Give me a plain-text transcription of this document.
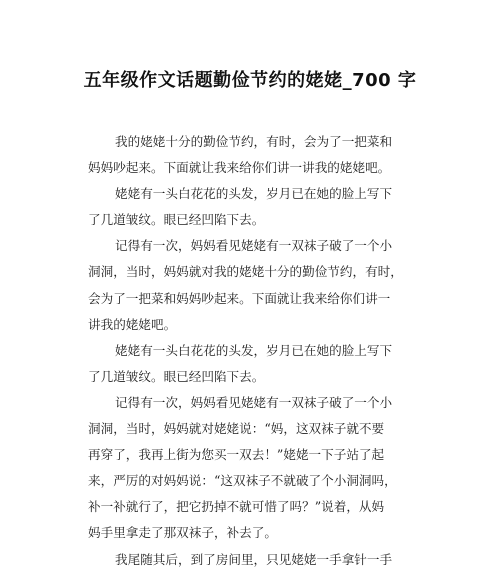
五年级作文话题勤俭节约的姥姥_700 字
我的姥姥十分的勤俭节约，有时，会为了一把菜和
妈妈吵起来。下面就让我来给你们讲一讲我的姥姥吧。
姥姥有一头白花花的头发，岁月已在她的脸上写下
了几道皱纹。眼已经凹陷下去。
记得有一次，妈妈看见姥姥有一双袜子破了一个小
洞洞，当时，妈妈就对我的姥姥十分的勤俭节约，有时，
会为了一把菜和妈妈吵起来。下面就让我来给你们讲一
讲我的姥姥吧。
姥姥有一头白花花的头发，岁月已在她的脸上写下
了几道皱纹。眼已经凹陷下去。
记得有一次，妈妈看见姥姥有一双袜子破了一个小
洞洞，当时，妈妈就对姥姥说：“妈，这双袜子就不要
再穿了，我再上街为您买一双去！”姥姥一下子站了起
来，严厉的对妈妈说：“这双袜子不就破了个小洞洞吗，
补一补就行了，把它扔掉不就可惜了吗？”说着，从妈
妈手里拿走了那双袜子，补去了。
我尾随其后，到了房间里，只见姥姥一手拿针一手
